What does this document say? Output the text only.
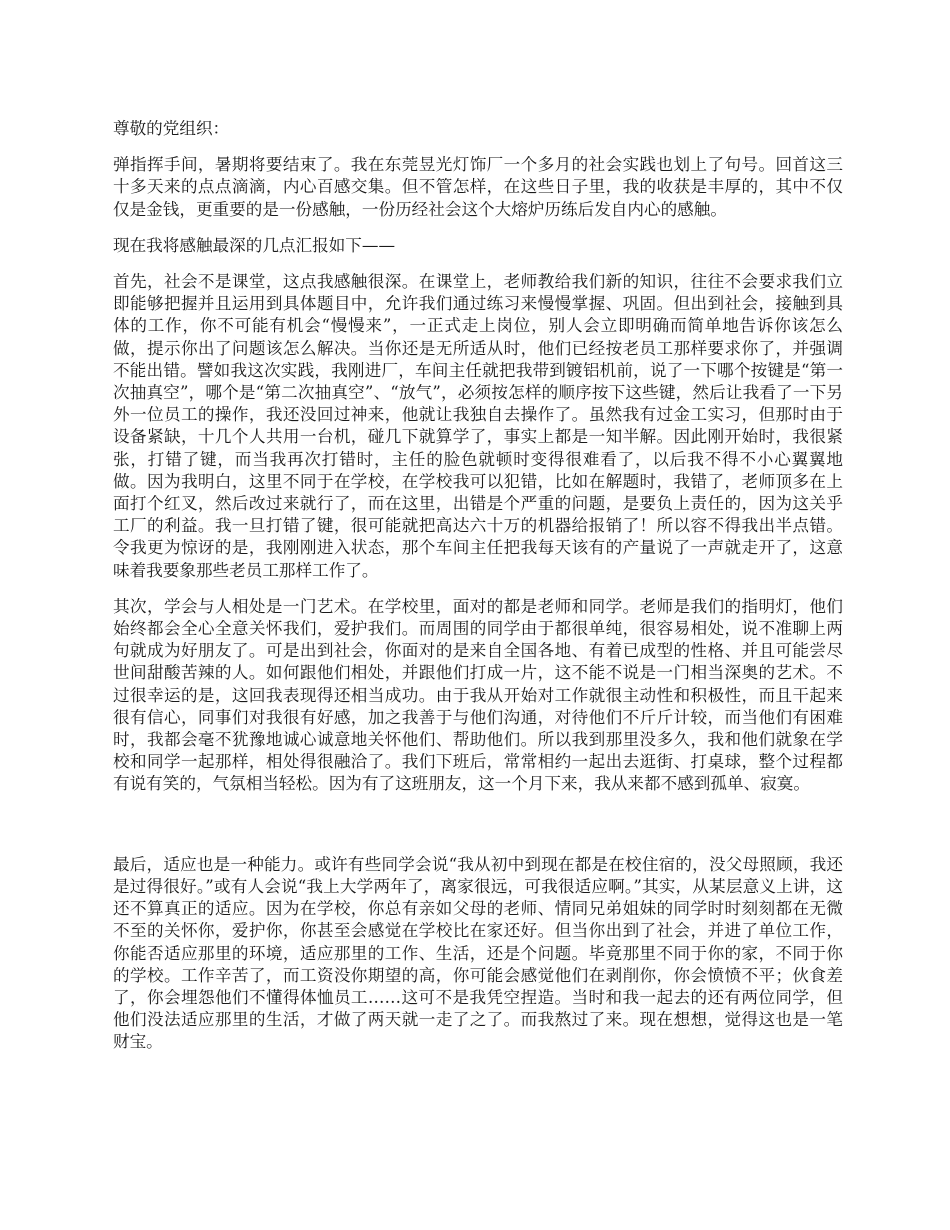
尊敬的党组织：

弹指挥手间，暑期将要结束了。我在东莞昱光灯饰厂一个多月的社会实践也划上了句号。回首这三十多天来的点点滴滴，内心百感交集。但不管怎样，在这些日子里，我的收获是丰厚的，其中不仅仅是金钱，更重要的是一份感触，一份历经社会这个大熔炉历练后发自内心的感触。

现在我将感触最深的几点汇报如下——

首先，社会不是课堂，这点我感触很深。在课堂上，老师教给我们新的知识，往往不会要求我们立即能够把握并且运用到具体题目中，允许我们通过练习来慢慢掌握、巩固。但出到社会，接触到具体的工作，你不可能有机会“慢慢来”，一正式走上岗位，别人会立即明确而简单地告诉你该怎么做，提示你出了问题该怎么解决。当你还是无所适从时，他们已经按老员工那样要求你了，并强调不能出错。譬如我这次实践，我刚进厂，车间主任就把我带到镀铝机前，说了一下哪个按键是“第一次抽真空”，哪个是“第二次抽真空”、“放气”，必须按怎样的顺序按下这些键，然后让我看了一下另外一位员工的操作，我还没回过神来，他就让我独自去操作了。虽然我有过金工实习，但那时由于设备紧缺，十几个人共用一台机，碰几下就算学了，事实上都是一知半解。因此刚开始时，我很紧张，打错了键，而当我再次打错时，主任的脸色就顿时变得很难看了，以后我不得不小心翼翼地做。因为我明白，这里不同于在学校，在学校我可以犯错，比如在解题时，我错了，老师顶多在上面打个红叉，然后改过来就行了，而在这里，出错是个严重的问题，是要负上责任的，因为这关乎工厂的利益。我一旦打错了键，很可能就把高达六十万的机器给报销了！所以容不得我出半点错。令我更为惊讶的是，我刚刚进入状态，那个车间主任把我每天该有的产量说了一声就走开了，这意味着我要象那些老员工那样工作了。

其次，学会与人相处是一门艺术。在学校里，面对的都是老师和同学。老师是我们的指明灯，他们始终都会全心全意关怀我们，爱护我们。而周围的同学由于都很单纯，很容易相处，说不准聊上两句就成为好朋友了。可是出到社会，你面对的是来自全国各地、有着已成型的性格、并且可能尝尽世间甜酸苦辣的人。如何跟他们相处，并跟他们打成一片，这不能不说是一门相当深奥的艺术。不过很幸运的是，这回我表现得还相当成功。由于我从开始对工作就很主动性和积极性，而且干起来很有信心，同事们对我很有好感，加之我善于与他们沟通，对待他们不斤斤计较，而当他们有困难时，我都会毫不犹豫地诚心诚意地关怀他们、帮助他们。所以我到那里没多久，我和他们就象在学校和同学一起那样，相处得很融洽了。我们下班后，常常相约一起出去逛街、打桌球，整个过程都有说有笑的，气氛相当轻松。因为有了这班朋友，这一个月下来，我从来都不感到孤单、寂寞。

最后，适应也是一种能力。或许有些同学会说“我从初中到现在都是在校住宿的，没父母照顾，我还是过得很好。”或有人会说“我上大学两年了，离家很远，可我很适应啊。”其实，从某层意义上讲，这还不算真正的适应。因为在学校，你总有亲如父母的老师、情同兄弟姐妹的同学时时刻刻都在无微不至的关怀你，爱护你，你甚至会感觉在学校比在家还好。但当你出到了社会，并进了单位工作，你能否适应那里的环境，适应那里的工作、生活，还是个问题。毕竟那里不同于你的家，不同于你的学校。工作辛苦了，而工资没你期望的高，你可能会感觉他们在剥削你，你会愤愤不平；伙食差了，你会埋怨他们不懂得体恤员工……这可不是我凭空捏造。当时和我一起去的还有两位同学，但他们没法适应那里的生活，才做了两天就一走了之了。而我熬过了来。现在想想，觉得这也是一笔财宝。
